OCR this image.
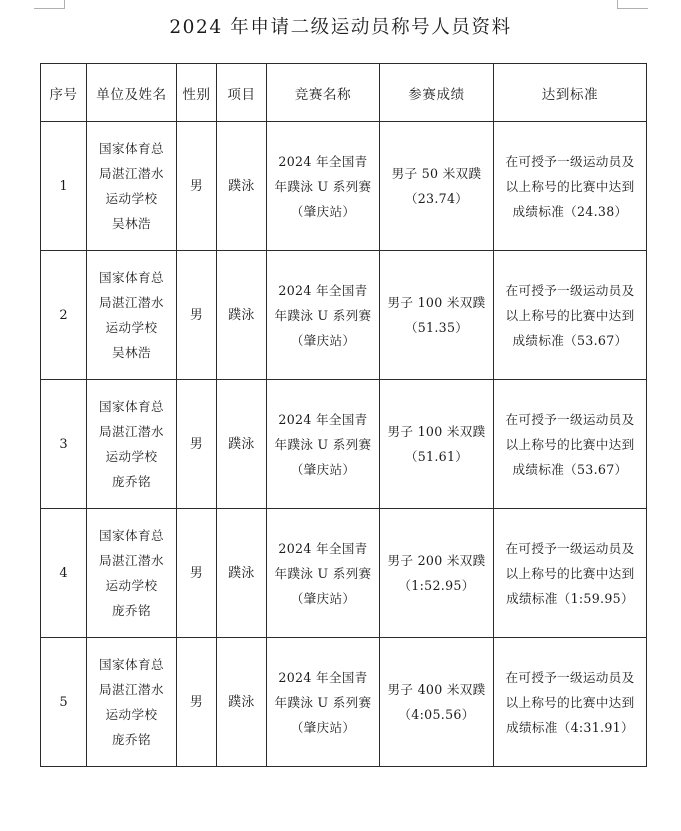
2024 年申请二级运动员称号人员资料
序号	单位及姓名	性别	项目	竞赛名称	参赛成绩	达到标准
1	国家体育总
局湛江潜水
运动学校
吴林浩	男	蹼泳	2024 年全国青
年蹼泳 U 系列赛
（肇庆站）	男子 50 米双蹼
（23.74）	在可授予一级运动员及
以上称号的比赛中达到
成绩标准（24.38）

2	国家体育总
局湛江潜水
运动学校
吴林浩	男	蹼泳	2024 年全国青
年蹼泳 U 系列赛
（肇庆站）	男子 100 米双蹼
（51.35）	在可授予一级运动员及
以上称号的比赛中达到
成绩标准（53.67）

3	国家体育总
局湛江潜水
运动学校
庞乔铭	男	蹼泳	2024 年全国青
年蹼泳 U 系列赛
（肇庆站）	男子 100 米双蹼
（51.61）	在可授予一级运动员及
以上称号的比赛中达到
成绩标准（53.67）

4	国家体育总
局湛江潜水
运动学校
庞乔铭	男	蹼泳	2024 年全国青
年蹼泳 U 系列赛
（肇庆站）	男子 200 米双蹼
（1:52.95）	在可授予一级运动员及
以上称号的比赛中达到
成绩标准（1:59.95）

5	国家体育总
局湛江潜水
运动学校
庞乔铭	男	蹼泳	2024 年全国青
年蹼泳 U 系列赛
（肇庆站）	男子 400 米双蹼
（4:05.56）	在可授予一级运动员及
以上称号的比赛中达到
成绩标准（4:31.91）
